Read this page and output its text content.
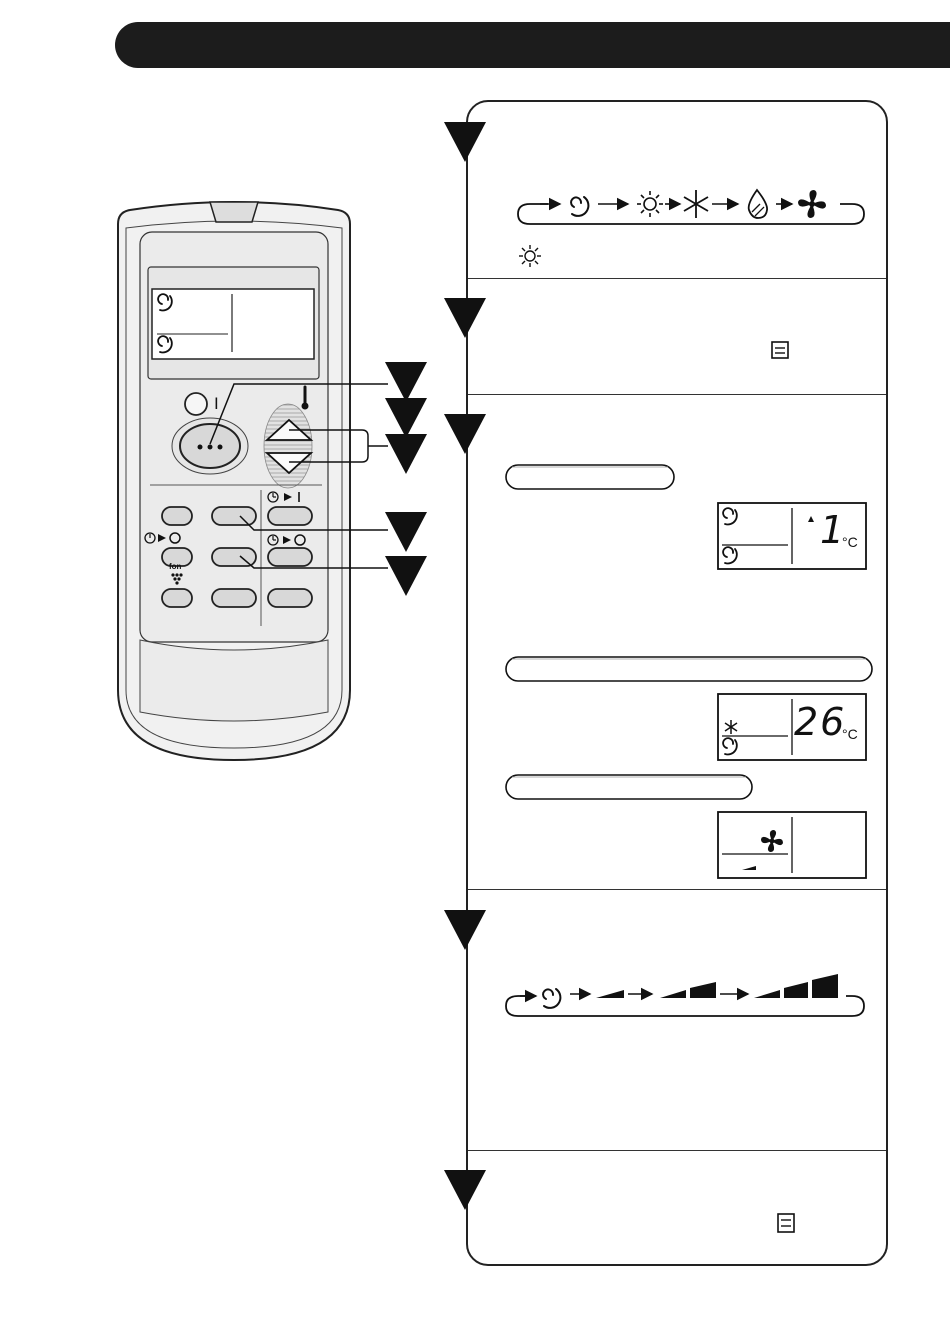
I
fon
1
°C
26
°C
